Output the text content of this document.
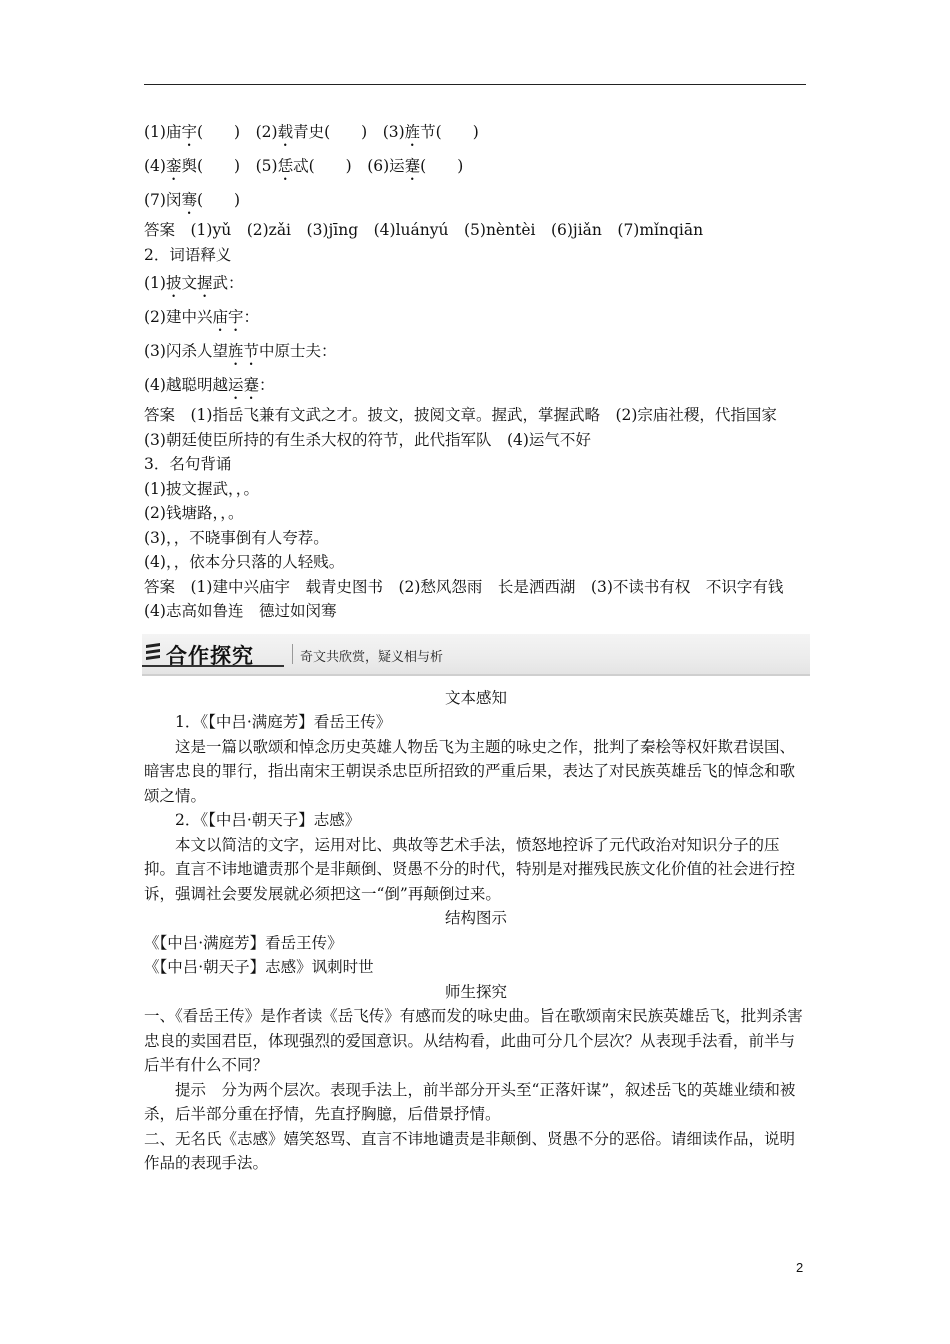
(1)庙宇(　　)　(2)载青史(　　)　(3)旌节(　　)
(4)銮舆(　　)　(5)恁忒(　　)　(6)运蹇(　　)
(7)闵骞(　　)
答案　(1)yǔ　(2)zǎi　(3)jīng　(4)luányú　(5)nèntèi　(6)jiǎn　(7)mǐnqiān
2．词语释义
(1)披文握武：
(2)建中兴庙宇：
(3)闪杀人望旌节中原士夫：
(4)越聪明越运蹇：
答案　(1)指岳飞兼有文武之才。披文，披阅文章。握武，掌握武略　(2)宗庙社稷，代指国家　(3)朝廷使臣所持的有生杀大权的符节，此代指军队　(4)运气不好
3．名句背诵
(1)披文握武，，。
(2)钱塘路，，。
(3)，，不晓事倒有人夸荐。
(4)，，依本分只落的人轻贱。
答案　(1)建中兴庙宇　载青史图书　(2)愁风怨雨　长是洒西湖　(3)不读书有权　不识字有钱　(4)志高如鲁连　德过如闵骞
合作探究	奇文共欣赏，疑义相与析
文本感知
1．《【中吕·满庭芳】看岳王传》
这是一篇以歌颂和悼念历史英雄人物岳飞为主题的咏史之作，批判了秦桧等权奸欺君误国、暗害忠良的罪行，指出南宋王朝误杀忠臣所招致的严重后果，表达了对民族英雄岳飞的悼念和歌颂之情。
2．《【中吕·朝天子】志感》
本文以简洁的文字，运用对比、典故等艺术手法，愤怒地控诉了元代政治对知识分子的压抑。直言不讳地谴责那个是非颠倒、贤愚不分的时代，特别是对摧残民族文化价值的社会进行控诉，强调社会要发展就必须把这一“倒”再颠倒过来。
结构图示
《【中吕·满庭芳】看岳王传》
《【中吕·朝天子】志感》讽刺时世
师生探究
一、《看岳王传》是作者读《岳飞传》有感而发的咏史曲。旨在歌颂南宋民族英雄岳飞，批判杀害忠良的卖国君臣，体现强烈的爱国意识。从结构看，此曲可分几个层次？从表现手法看，前半与后半有什么不同？
提示　分为两个层次。表现手法上，前半部分开头至“正落奸谋”，叙述岳飞的英雄业绩和被杀，后半部分重在抒情，先直抒胸臆，后借景抒情。
二、无名氏《志感》嬉笑怒骂、直言不讳地谴责是非颠倒、贤愚不分的恶俗。请细读作品，说明作品的表现手法。
2
